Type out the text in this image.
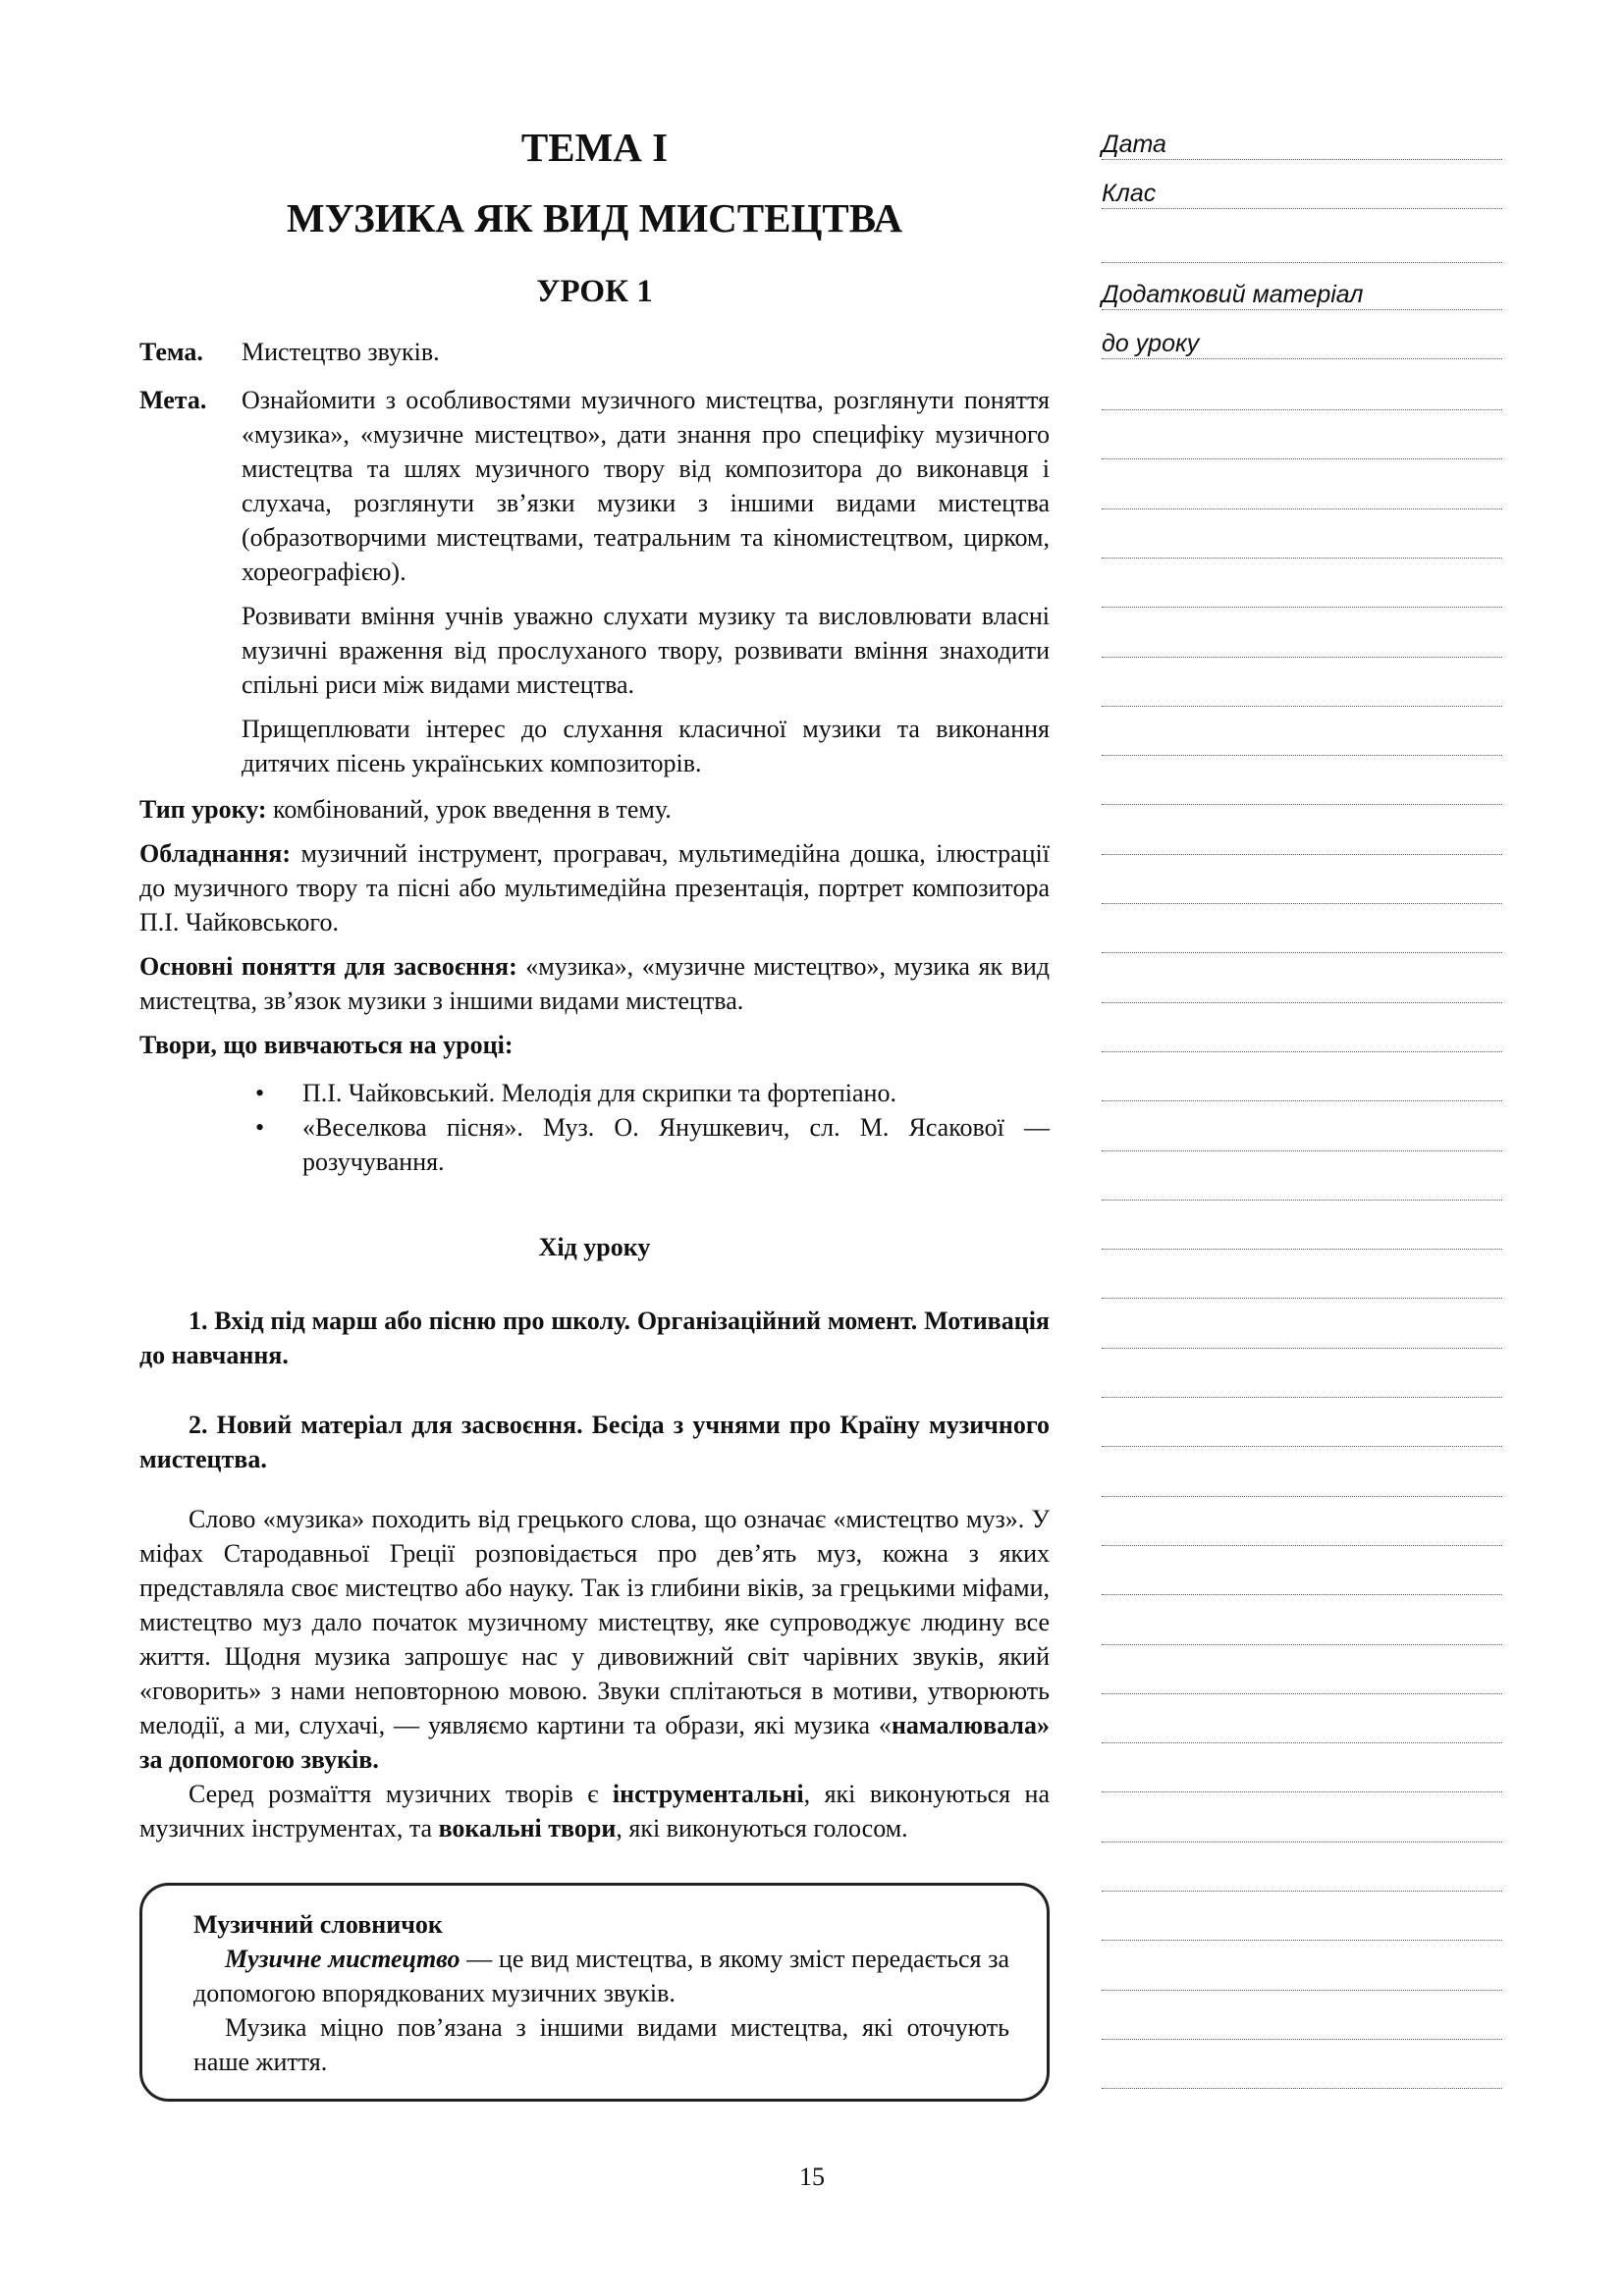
ТЕМА І
МУЗИКА ЯК ВИД МИСТЕЦТВА
УРОК 1
Тема.	Мистецтво звуків.
Мета.	Ознайомити з особливостями музичного мистецтва, розглянути поняття «музика», «музичне мистецтво», дати знання про специфіку музичного мистецтва та шлях музичного твору від композитора до виконавця і слухача, розглянути зв’язки музики з іншими видами мистецтва (образотворчими мистецтвами, театральним та кіномистецтвом, цирком, хореографією).

Розвивати вміння учнів уважно слухати музику та висловлювати власні музичні враження від прослуханого твору, розвивати вміння знаходити спільні риси між видами мистецтва.

Прищеплювати інтерес до слухання класичної музики та виконання дитячих пісень українських композиторів.

Тип уроку: комбінований, урок введення в тему.

Обладнання: музичний інструмент, програвач, мультимедійна дошка, ілюстрації до музичного твору та пісні або мультимедійна презентація, портрет композитора П.І. Чайковського.

Основні поняття для засвоєння: «музика», «музичне мистецтво», музика як вид мистецтва, зв’язок музики з іншими видами мистецтва.

Твори, що вивчаються на уроці:

•	П.І. Чайковський. Мелодія для скрипки та фортепіано.
•	«Веселкова пісня». Муз. О. Янушкевич, сл. М. Ясакової — розучування.
Хід уроку

1. Вхід під марш або пісню про школу. Організаційний момент. Мотивація до навчання.

2. Новий матеріал для засвоєння. Бесіда з учнями про Країну музичного мистецтва.

Слово «музика» походить від грецького слова, що означає «мистецтво муз». У міфах Стародавньої Греції розповідається про дев’ять муз, кожна з яких представляла своє мистецтво або науку. Так із глибини віків, за грецькими міфами, мистецтво муз дало початок музичному мистецтву, яке супроводжує людину все життя. Щодня музика запрошує нас у дивовижний світ чарівних звуків, який «говорить» з нами неповторною мовою. Звуки сплітаються в мотиви, утворюють мелодії, а ми, слухачі, — уявляємо картини та образи, які музика «намалювала» за допомогою звуків.

Серед розмаїття музичних творів є інструментальні, які виконуються на музичних інструментах, та вокальні твори, які виконуються голосом.

Музичний словничок

Музичне мистецтво — це вид мистецтва, в якому зміст передається за допомогою впорядкованих музичних звуків.

Музика міцно пов’язана з іншими видами мистецтва, які оточують наше життя.

15
Дата
Клас
Додатковий матеріал
до уроку
